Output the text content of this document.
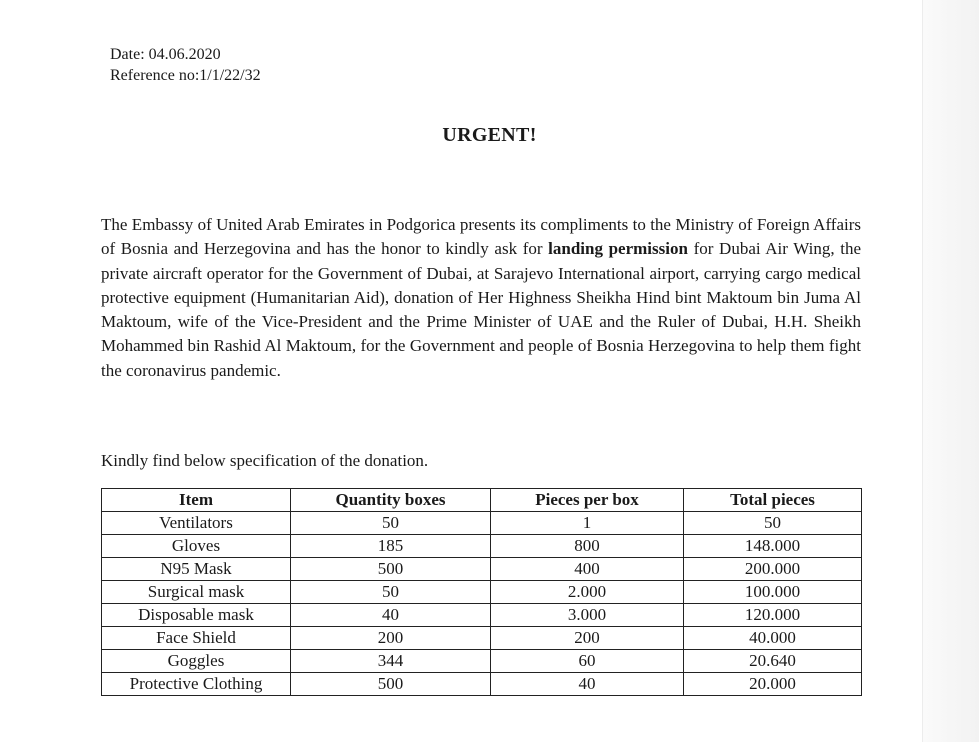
Date: 04.06.2020
Reference no:1/1/22/32
URGENT!
The Embassy of United Arab Emirates in Podgorica presents its compliments to the Ministry of Foreign Affairs of Bosnia and Herzegovina and has the honor to kindly ask for landing permission for Dubai Air Wing, the private aircraft operator for the Government of Dubai, at Sarajevo International airport, carrying cargo medical protective equipment (Humanitarian Aid), donation of Her Highness Sheikha Hind bint Maktoum bin Juma Al Maktoum, wife of the Vice-President and the Prime Minister of UAE and the Ruler of Dubai, H.H. Sheikh Mohammed bin Rashid Al Maktoum, for the Government and people of Bosnia Herzegovina to help them fight the coronavirus pandemic.
Kindly find below specification of the donation.
Item	Quantity boxes	Pieces per box	Total pieces
Ventilators	50	1	50
Gloves	185	800	148.000
N95 Mask	500	400	200.000
Surgical mask	50	2.000	100.000
Disposable mask	40	3.000	120.000
Face Shield	200	200	40.000
Goggles	344	60	20.640
Protective Clothing	500	40	20.000
